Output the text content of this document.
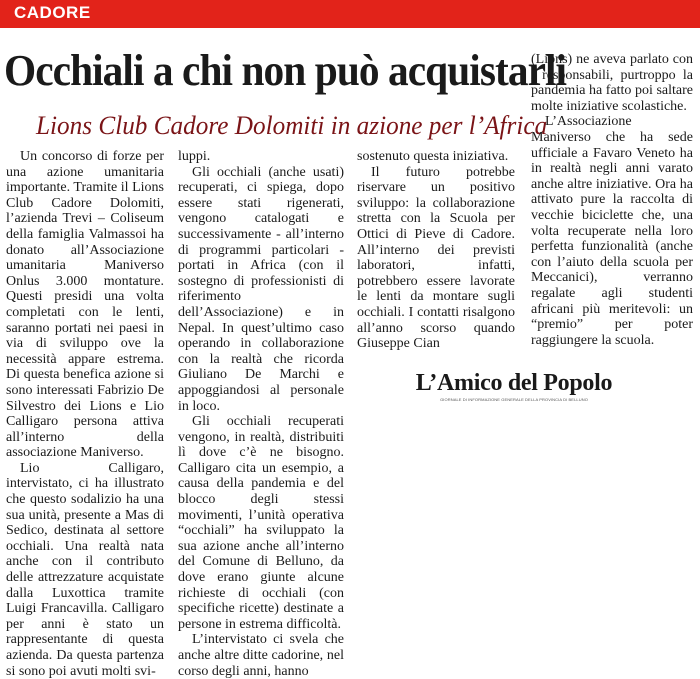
CADORE
Occhiali a chi non può acquistarli
Lions Club Cadore Dolomiti in azione per l’Africa

Un concorso di forze per una azione umanitaria importante. Tramite il Lions Club Cadore Dolomiti, l’azienda Trevi – Coliseum della famiglia Valmassoi ha donato all’Associazione umanitaria Maniverso Onlus 3.000 montature. Questi presidi una volta completati con le lenti, saranno portati nei paesi in via di sviluppo ove la necessità appare estrema. Di questa benefica azione si sono interessati Fabrizio De Silvestro dei Lions e Lio Calligaro persona attiva all’interno della associazione Maniverso.

Lio Calligaro, intervistato, ci ha illustrato che questo sodalizio ha una sua unità, presente a Mas di Sedico, destinata al settore occhiali. Una realtà nata anche con il contributo delle attrezzature acquistate dalla Luxottica tramite Luigi Francavilla. Calligaro per anni è stato un rappresentante di questa azienda. Da questa partenza si sono poi avuti molti svi-

luppi.

Gli occhiali (anche usati) recuperati, ci spiega, dopo essere stati rigenerati, vengono catalogati e successivamente - all’interno di programmi particolari - portati in Africa (con il sostegno di professionisti di riferimento dell’Associazione) e in Nepal. In quest’ultimo caso operando in collaborazione con la realtà che ricorda Giuliano De Marchi e appoggiandosi al personale in loco.

Gli occhiali recuperati vengono, in realtà, distribuiti lì dove c’è ne bisogno. Calligaro cita un esempio, a causa della pandemia e del blocco degli stessi movimenti, l’unità operativa “occhiali” ha sviluppato la sua azione anche all’interno del Comune di Belluno, da dove erano giunte alcune richieste di occhiali (con specifiche ricette) destinate a persone in estrema difficoltà.

L’intervistato ci svela che anche altre ditte cadorine, nel corso degli anni, hanno

sostenuto questa iniziativa.

Il futuro potrebbe riservare un positivo sviluppo: la collaborazione stretta con la Scuola per Ottici di Pieve di Cadore. All’interno dei previsti laboratori, infatti, potrebbero essere lavorate le lenti da montare sugli occhiali. I contatti risalgono all’anno scorso quando Giuseppe Cian

(Lions) ne aveva parlato con i responsabili, purtroppo la pandemia ha fatto poi saltare molte iniziative scolastiche.

L’Associazione Maniverso che ha sede ufficiale a Favaro Veneto ha in realtà negli anni varato anche altre iniziative. Ora ha attivato pure la raccolta di vecchie biciclette che, una volta recuperate nella loro perfetta funzionalità (anche con l’aiuto della scuola per Meccanici), verranno regalate agli studenti africani più meritevoli: un “premio” per poter raggiungere la scuola.

L’Amico del Popolo
GIORNALE DI INFORMAZIONE GENERALE DELLA PROVINCIA DI BELLUNO
